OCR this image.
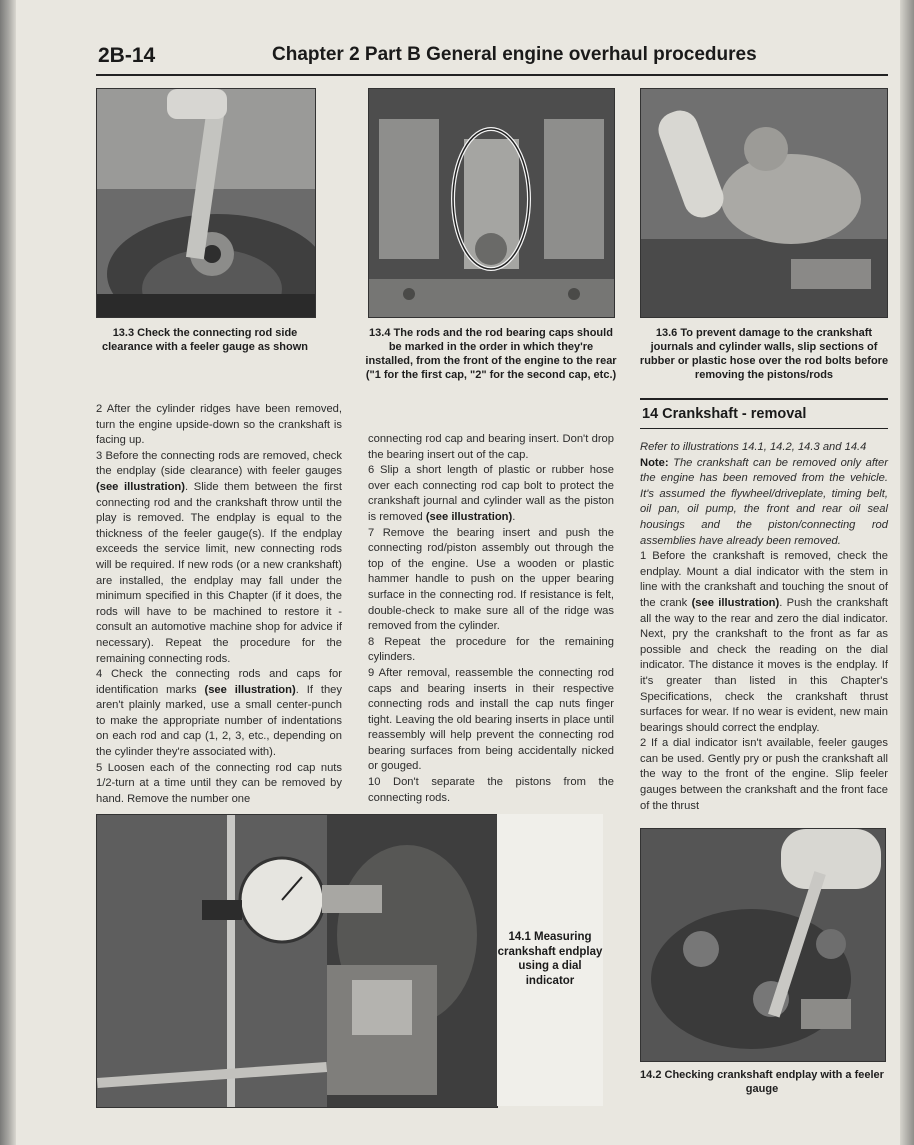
2B-14	Chapter 2 Part B General engine overhaul procedures
13.3 Check the connecting rod side clearance with a feeler gauge as shown
13.4 The rods and the rod bearing caps should be marked in the order in which they're installed, from the front of the engine to the rear ("1 for the first cap, "2" for the second cap, etc.)
13.6 To prevent damage to the crankshaft journals and cylinder walls, slip sections of rubber or plastic hose over the rod bolts before removing the pistons/rods

2 After the cylinder ridges have been removed, turn the engine upside-down so the crankshaft is facing up.

3 Before the connecting rods are removed, check the endplay (side clearance) with feeler gauges (see illustration). Slide them between the first connecting rod and the crankshaft throw until the play is removed. The endplay is equal to the thickness of the feeler gauge(s). If the endplay exceeds the service limit, new connecting rods will be required. If new rods (or a new crankshaft) are installed, the endplay may fall under the minimum specified in this Chapter (if it does, the rods will have to be machined to restore it - consult an automotive machine shop for advice if necessary). Repeat the procedure for the remaining connecting rods.

4 Check the connecting rods and caps for identification marks (see illustration). If they aren't plainly marked, use a small center-punch to make the appropriate number of indentations on each rod and cap (1, 2, 3, etc., depending on the cylinder they're associated with).

5 Loosen each of the connecting rod cap nuts 1/2-turn at a time until they can be removed by hand. Remove the number one

connecting rod cap and bearing insert. Don't drop the bearing insert out of the cap.

6 Slip a short length of plastic or rubber hose over each connecting rod cap bolt to protect the crankshaft journal and cylinder wall as the piston is removed (see illustration).

7 Remove the bearing insert and push the connecting rod/piston assembly out through the top of the engine. Use a wooden or plastic hammer handle to push on the upper bearing surface in the connecting rod. If resistance is felt, double-check to make sure all of the ridge was removed from the cylinder.

8 Repeat the procedure for the remaining cylinders.

9 After removal, reassemble the connecting rod caps and bearing inserts in their respective connecting rods and install the cap nuts finger tight. Leaving the old bearing inserts in place until reassembly will help prevent the connecting rod bearing surfaces from being accidentally nicked or gouged.

10 Don't separate the pistons from the connecting rods.

14 Crankshaft - removal

Refer to illustrations 14.1, 14.2, 14.3 and 14.4

Note: The crankshaft can be removed only after the engine has been removed from the vehicle. It's assumed the flywheel/driveplate, timing belt, oil pan, oil pump, the front and rear oil seal housings and the piston/connecting rod assemblies have already been removed.

1 Before the crankshaft is removed, check the endplay. Mount a dial indicator with the stem in line with the crankshaft and touching the snout of the crank (see illustration). Push the crankshaft all the way to the rear and zero the dial indicator. Next, pry the crankshaft to the front as far as possible and check the reading on the dial indicator. The distance it moves is the endplay. If it's greater than listed in this Chapter's Specifications, check the crankshaft thrust surfaces for wear. If no wear is evident, new main bearings should correct the endplay.

2 If a dial indicator isn't available, feeler gauges can be used. Gently pry or push the crankshaft all the way to the front of the engine. Slip feeler gauges between the crankshaft and the front face of the thrust

14.1 Measuring crankshaft endplay using a dial indicator
14.2 Checking crankshaft endplay with a feeler gauge
